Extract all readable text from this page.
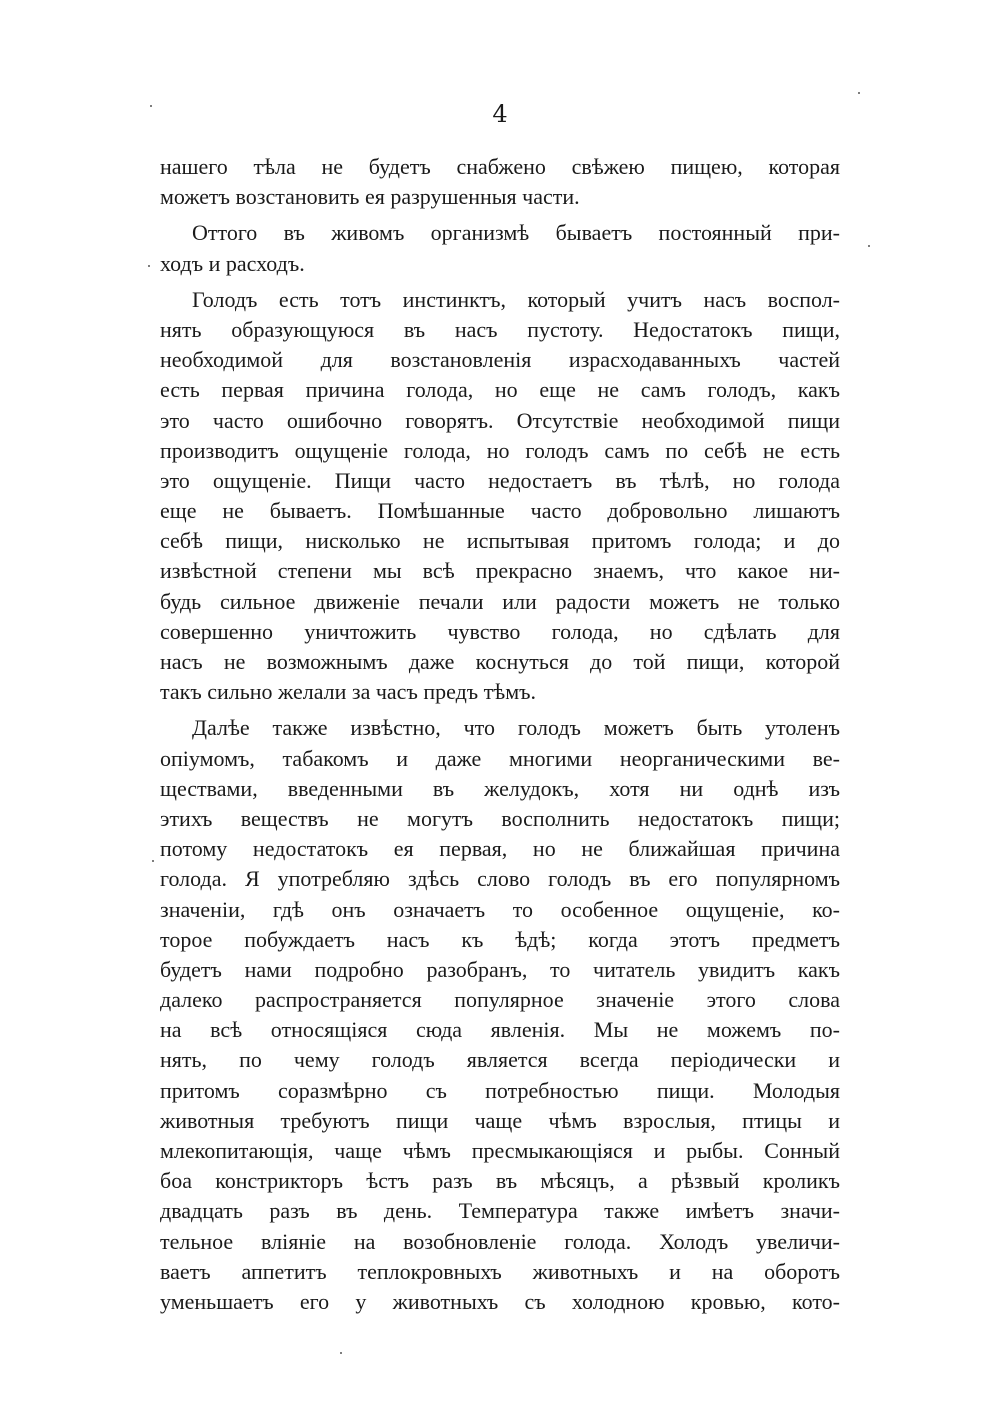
4
нашего тѣла не будетъ снабжено свѣжею пищею, которая
можетъ возстановить ея разрушенныя части.
Оттого въ живомъ организмѣ бываетъ постоянный при-
ходъ и расходъ.
Голодъ есть тотъ инстинктъ, который учитъ насъ воспол-
нять образующуюся въ насъ пустоту. Недостатокъ пищи,
необходимой для возстановленія израсходаванныхъ частей
есть первая причина голода, но еще не самъ голодъ, какъ
это часто ошибочно говорятъ. Отсутствіе необходимой пищи
производитъ ощущеніе голода, но голодъ самъ по себѣ не есть
это ощущеніе. Пищи часто недостаетъ въ тѣлѣ, но голода
еще не бываетъ. Помѣшанные часто добровольно лишаютъ
себѣ пищи, нисколько не испытывая притомъ голода; и до
извѣстной степени мы всѣ прекрасно знаемъ, что какое ни-
будь сильное движеніе печали или радости можетъ не только
совершенно уничтожить чувство голода, но сдѣлать для
насъ не возможнымъ даже коснуться до той пищи, которой
такъ сильно желали за часъ предъ тѣмъ.
Далѣе также извѣстно, что голодъ можетъ быть утоленъ
опіумомъ, табакомъ и даже многими неорганическими ве-
ществами, введенными въ желудокъ, хотя ни однѣ изъ
этихъ веществъ не могутъ восполнить недостатокъ пищи;
потому недостатокъ ея первая, но не ближайшая причина
голода. Я употребляю здѣсь слово голодъ въ его популярномъ
значеніи, гдѣ онъ означаетъ то особенное ощущеніе, ко-
торое побуждаетъ насъ къ ѣдѣ; когда этотъ предметъ
будетъ нами подробно разобранъ, то читатель увидитъ какъ
далеко распространяется популярное значеніе этого слова
на всѣ относящіяся сюда явленія. Мы не можемъ по-
нять, по чему голодъ является всегда періодически и
притомъ соразмѣрно съ потребностью пищи. Молодыя
животныя требуютъ пищи чаще чѣмъ взрослыя, птицы и
млекопитающія, чаще чѣмъ пресмыкающіяся и рыбы. Сонный
боа констрикторъ ѣстъ разъ въ мѣсяцъ, а рѣзвый кроликъ
двадцать разъ въ день. Температура также имѣетъ значи-
тельное вліяніе на возобновленіе голода. Холодъ увеличи-
ваетъ аппетитъ теплокровныхъ животныхъ и на оборотъ
уменьшаетъ его у животныхъ съ холодною кровью, кото-
